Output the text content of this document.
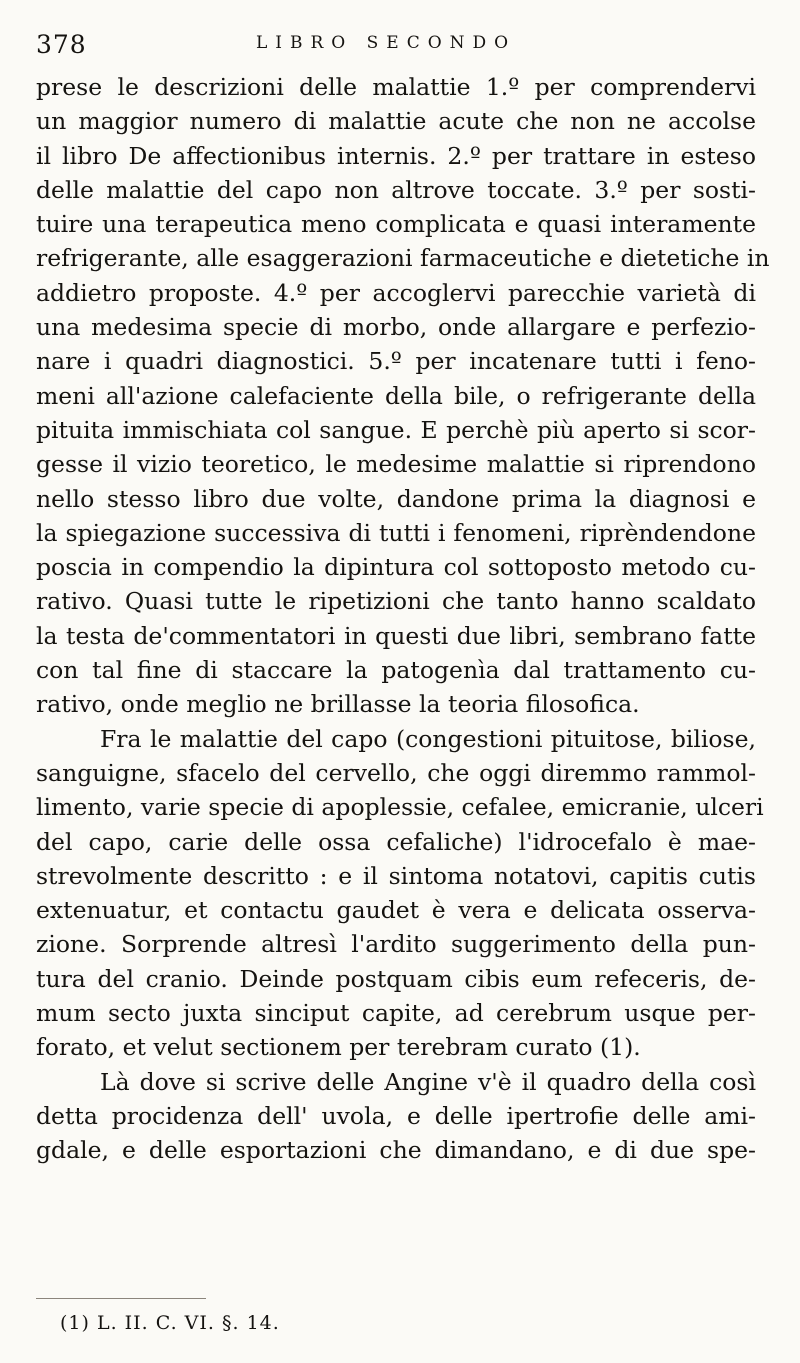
378	LIBRO SECONDO
prese le descrizioni delle malattie 1.º per comprendervi
un maggior numero di malattie acute che non ne accolse
il libro De affectionibus internis. 2.º per trattare in esteso
delle malattie del capo non altrove toccate. 3.º per sosti-
tuire una terapeutica meno complicata e quasi interamente
refrigerante, alle esaggerazioni farmaceutiche e dietetiche in
addietro proposte. 4.º per accoglervi parecchie varietà di
una medesima specie di morbo, onde allargare e perfezio-
nare i quadri diagnostici. 5.º per incatenare tutti i feno-
meni all'azione calefaciente della bile, o refrigerante della
pituita immischiata col sangue. E perchè più aperto si scor-
gesse il vizio teoretico, le medesime malattie si riprendono
nello stesso libro due volte, dandone prima la diagnosi e
la spiegazione successiva di tutti i fenomeni, riprèndendone
poscia in compendio la dipintura col sottoposto metodo cu-
rativo. Quasi tutte le ripetizioni che tanto hanno scaldato
la testa de'commentatori in questi due libri, sembrano fatte
con tal fine di staccare la patogenìa dal trattamento cu-
rativo, onde meglio ne brillasse la teoria filosofica.
Fra le malattie del capo (congestioni pituitose, biliose,
sanguigne, sfacelo del cervello, che oggi diremmo rammol-
limento, varie specie di apoplessie, cefalee, emicranie, ulceri
del capo, carie delle ossa cefaliche) l'idrocefalo è mae-
strevolmente descritto : e il sintoma notatovi, capitis cutis
extenuatur, et contactu gaudet è vera e delicata osserva-
zione. Sorprende altresì l'ardito suggerimento della pun-
tura del cranio. Deinde postquam cibis eum refeceris, de-
mum secto juxta sinciput capite, ad cerebrum usque per-
forato, et velut sectionem per terebram curato (1).
Là dove si scrive delle Angine v'è il quadro della così
detta procidenza dell' uvola, e delle ipertrofie delle ami-
gdale, e delle esportazioni che dimandano, e di due spe-
(1) L. II. C. VI. §. 14.
